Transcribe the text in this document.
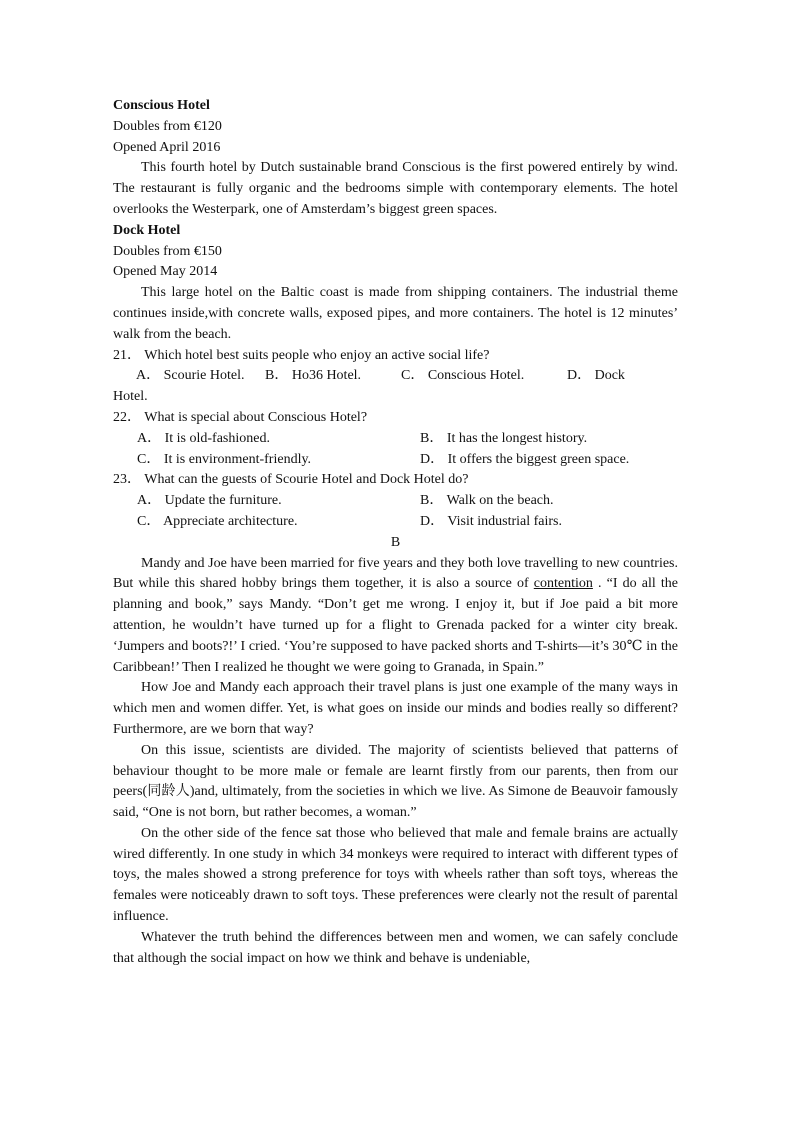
Conscious Hotel
Doubles from €120
Opened April 2016
This fourth hotel by Dutch sustainable brand Conscious is the first powered entirely by wind. The restaurant is fully organic and the bedrooms simple with contemporary elements. The hotel overlooks the Westerpark, one of Amsterdam’s biggest green spaces.
Dock Hotel
Doubles from €150
Opened May 2014
This large hotel on the Baltic coast is made from shipping containers. The industrial theme continues inside,with concrete walls, exposed pipes, and more containers. The hotel is 12 minutes’ walk from the beach.
21． Which hotel best suits people who enjoy an active social life?
A． Scourie Hotel. B． Ho36 Hotel.	C． Conscious Hotel.	D． Dock
Hotel.
22． What is special about Conscious Hotel?
A． It is old-fashioned.	B． It has the longest history.
C． It is environment-friendly.	D． It offers the biggest green space.
23． What can the guests of Scourie Hotel and Dock Hotel do?
A． Update the furniture.	B． Walk on the beach.
C． Appreciate architecture.	D． Visit industrial fairs.
B
Mandy and Joe have been married for five years and they both love travelling to new countries. But while this shared hobby brings them together, it is also a source of contention . “I do all the planning and book,” says Mandy. “Don’t get me wrong. I enjoy it, but if Joe paid a bit more attention, he wouldn’t have turned up for a flight to Grenada packed for a winter city break. ‘Jumpers and boots?!’ I cried. ‘You’re supposed to have packed shorts and T-shirts—it’s 30℃ in the Caribbean!’ Then I realized he thought we were going to Granada, in Spain.”
How Joe and Mandy each approach their travel plans is just one example of the many ways in which men and women differ. Yet, is what goes on inside our minds and bodies really so different? Furthermore, are we born that way?
On this issue, scientists are divided. The majority of scientists believed that patterns of behaviour thought to be more male or female are learnt firstly from our parents, then from our peers(同龄人)and, ultimately, from the societies in which we live. As Simone de Beauvoir famously said, “One is not born, but rather becomes, a woman.”
On the other side of the fence sat those who believed that male and female brains are actually wired differently. In one study in which 34 monkeys were required to interact with different types of toys, the males showed a strong preference for toys with wheels rather than soft toys, whereas the females were noticeably drawn to soft toys. These preferences were clearly not the result of parental influence.
Whatever the truth behind the differences between men and women, we can safely conclude that although the social impact on how we think and behave is undeniable,
